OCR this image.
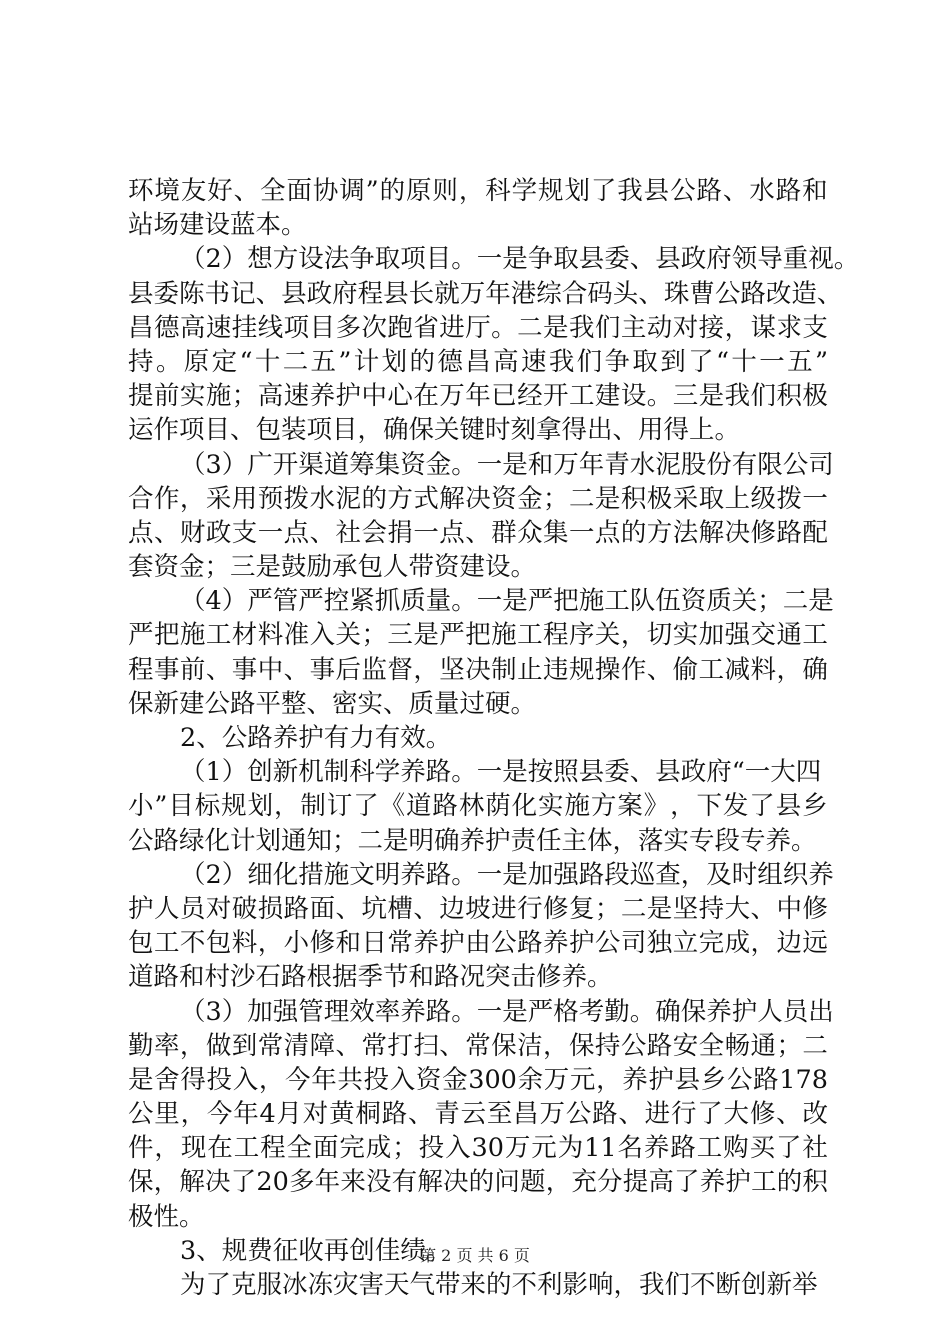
环 境 友 好 、 全 面 协 调 ” 的 原 则 ， 科 学 规 划 了 我 县 公 路 、 水 路 和
站场建设蓝本。
（2）想方设法争取项目。一是争取县委、县政府领导重视。
县 委 陈 书 记 、 县 政 府 程 县 长 就 万 年 港 综 合 码 头 、 珠 曹 公 路 改 造 、
昌 德 高 速 挂 线 项 目 多 次 跑 省 进 厅 。 二 是 我 们 主 动 对 接 ， 谋 求 支
持 。 原 定 “ 十 二 五 ” 计 划 的 德 昌 高 速 我 们 争 取 到 了 “ 十 一 五 ”
提 前 实 施 ； 高 速 养 护 中 心 在 万 年 已 经 开 工 建 设 。 三 是 我 们 积 极
运作项目、包装项目，确保关键时刻拿得出、用得上。
（3）广开渠道筹集资金。一是和万年青水泥股份有限公司
合 作 ， 采 用 预 拨 水 泥 的 方 式 解 决 资 金 ； 二 是 积 极 采 取 上 级 拨 一
点 、 财 政 支 一 点 、 社 会 捐 一 点 、 群 众 集 一 点 的 方 法 解 决 修 路 配
套资金；三是鼓励承包人带资建设。
（4）严管严控紧抓质量。一是严把施工队伍资质关；二是
严 把 施 工 材 料 准 入 关 ； 三 是 严 把 施 工 程 序 关 ， 切 实 加 强 交 通 工
程 事 前 、 事 中 、 事 后 监 督 ， 坚 决 制 止 违 规 操 作 、 偷 工 减 料 ， 确
保新建公路平整、密实、质量过硬。
2、公路养护有力有效。
（1）创新机制科学养路。一是按照县委、县政府“一大四
小 ” 目 标 规 划 ， 制 订 了 《 道 路 林 荫 化 实 施 方 案 》 ， 下 发 了 县 乡
公路绿化计划通知；二是明确养护责任主体，落实专段专养。
（2）细化措施文明养路。一是加强路段巡查，及时组织养
护 人 员 对 破 损 路 面 、 坑 槽 、 边 坡 进 行 修 复 ； 二 是 坚 持 大 、 中 修
包 工 不 包 料 ， 小 修 和 日 常 养 护 由 公 路 养 护 公 司 独 立 完 成 ， 边 远
道路和村沙石路根据季节和路况突击修养。
（3）加强管理效率养路。一是严格考勤。确保养护人员出
勤 率 ， 做 到 常 清 障 、 常 打 扫 、 常 保 洁 ， 保 持 公 路 安 全 畅 通 ； 二
是 舍 得 投 入 ， 今 年 共 投 入 资 金 300 余 万 元 ， 养 护 县 乡 公 路 178
公 里 ， 今 年 4 月 对 黄 桐 路 、 青 云 至 昌 万 公 路 、 进 行 了 大 修 、 改
件 ， 现 在 工 程 全 面 完 成 ； 投 入 30 万 元 为 11 名 养 路 工 购 买 了 社
保 ， 解 决 了 20 多 年 来 没 有 解 决 的 问 题 ， 充 分 提 高 了 养 护 工 的 积
极性。
3、规费征收再创佳绩。
为了克服冰冻灾害天气带来的不利影响，我们不断创新举
第 2 页 共 6 页
